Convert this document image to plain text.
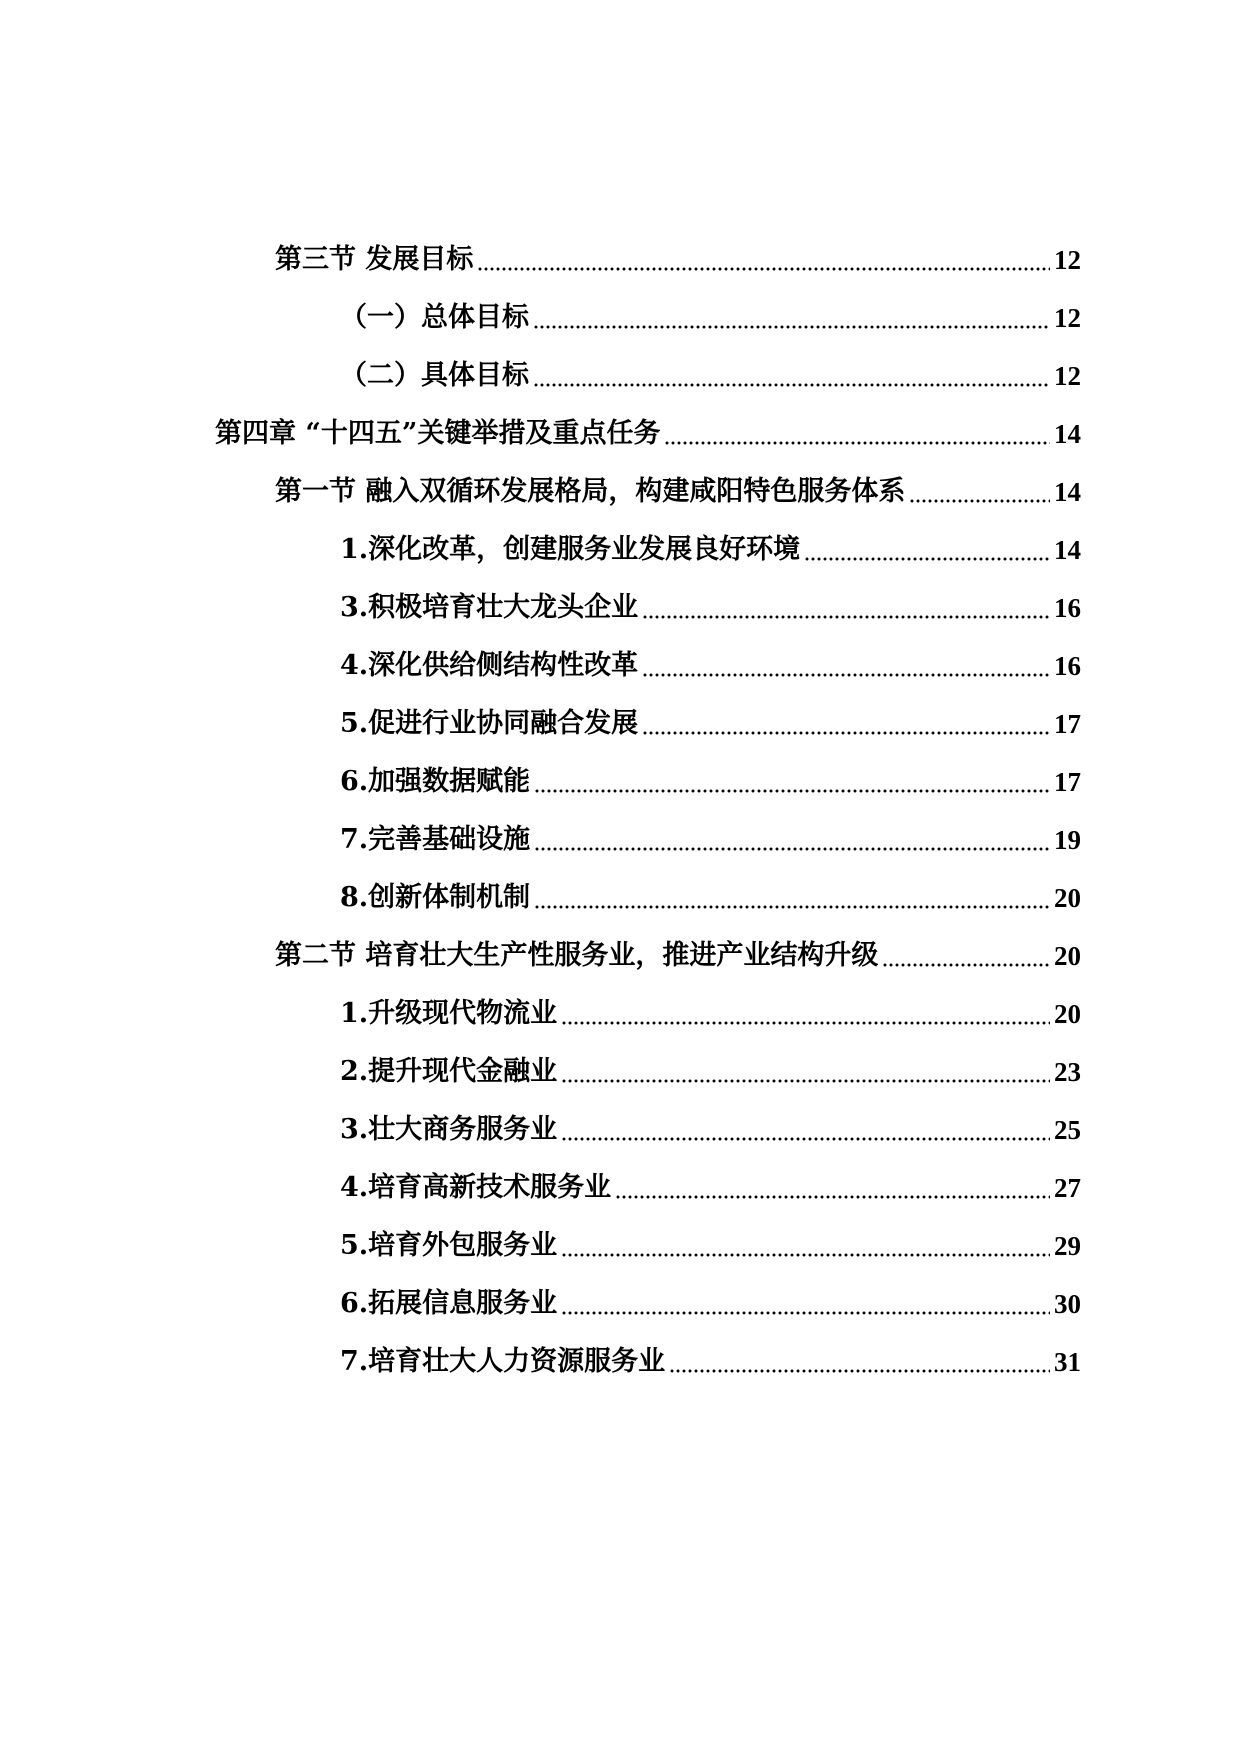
第三节 发展目标	12
（一）总体目标	12
（二）具体目标	12
第四章 “十四五”关键举措及重点任务	14
第一节 融入双循环发展格局，构建咸阳特色服务体系	14
1.深化改革，创建服务业发展良好环境	14
3.积极培育壮大龙头企业	16
4.深化供给侧结构性改革	16
5.促进行业协同融合发展	17
6.加强数据赋能	17
7.完善基础设施	19
8.创新体制机制	20
第二节 培育壮大生产性服务业，推进产业结构升级	20
1.升级现代物流业	20
2.提升现代金融业	23
3.壮大商务服务业	25
4.培育高新技术服务业	27
5.培育外包服务业	29
6.拓展信息服务业	30
7.培育壮大人力资源服务业	31
